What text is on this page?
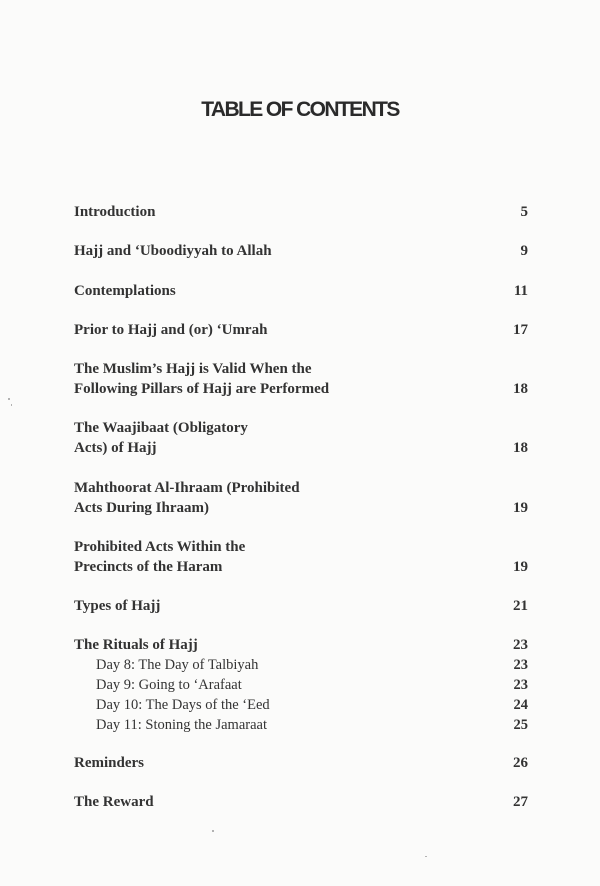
TABLE OF CONTENTS
Introduction	5
Hajj and ‘Uboodiyyah to Allah	9
Contemplations	11
Prior to Hajj and (or) ‘Umrah	17
The Muslim’s Hajj is Valid When the Following Pillars of Hajj are Performed	18
The Waajibaat (Obligatory Acts) of Hajj	18
Mahthoorat Al-Ihraam (Prohibited Acts During Ihraam)	19
Prohibited Acts Within the Precincts of the Haram	19
Types of Hajj	21
The Rituals of Hajj	23
Day 8: The Day of Talbiyah	23
Day 9: Going to ‘Arafaat	23
Day 10: The Days of the ‘Eed	24
Day 11: Stoning the Jamaraat	25
Reminders	26
The Reward	27
